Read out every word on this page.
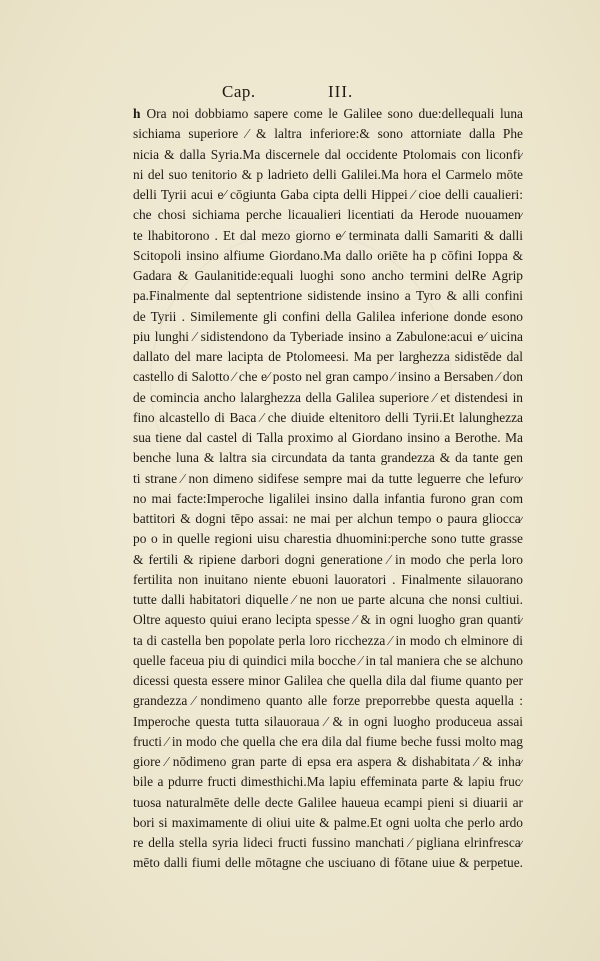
Cap.	III.
h Ora noi dobbiamo sapere come le Galilee sono due:dellequali luna
sichiama superiore ⁄ & laltra inferiore:& sono attorniate dalla Phe
nicia & dalla Syria.Ma discernele dal occidente Ptolomais con liconfi⁄
ni del suo tenitorio & p ladrieto delli Galilei.Ma hora el Carmelo mōte
delli Tyrii acui e⁄ cōgiunta Gaba cipta delli Hippei ⁄ cioe delli caualieri:
che chosi sichiama perche licaualieri licentiati da Herode nuouamen⁄
te lhabitorono . Et dal mezo giorno e⁄ terminata dalli Samariti & dalli
Scitopoli insino alfiume Giordano.Ma dallo oriēte ha p cōfini Ioppa &
Gadara & Gaulanitide:equali luoghi sono ancho termini delRe Agrip
pa.Finalmente dal septentrione sidistende insino a Tyro & alli confini
de Tyrii . Similemente gli confini della Galilea inferione donde esono
piu lunghi ⁄ sidistendono da Tyberiade insino a Zabulone:acui e⁄ uicina
dallato del mare lacipta de Ptolomeesi. Ma per larghezza sidistēde dal
castello di Salotto ⁄ che e⁄ posto nel gran campo ⁄ insino a Bersaben ⁄ don
de comincia ancho lalarghezza della Galilea superiore ⁄ et distendesi in
fino alcastello di Baca ⁄ che diuide eltenitoro delli Tyrii.Et lalunghezza
sua tiene dal castel di Talla proximo al Giordano insino a Berothe. Ma
benche luna & laltra sia circundata da tanta grandezza & da tante gen
ti strane ⁄ non dimeno sidifese sempre mai da tutte leguerre che lefuro⁄
no mai facte:Imperoche ligalilei insino dalla infantia furono gran com
battitori & dogni tēpo assai: ne mai per alchun tempo o paura gliocca⁄
po o in quelle regioni uisu charestia dhuomini:perche sono tutte grasse
& fertili & ripiene darbori dogni generatione ⁄ in modo che perla loro
fertilita non inuitano niente ebuoni lauoratori . Finalmente silauorano
tutte dalli habitatori diquelle ⁄ ne non ue parte alcuna che nonsi cultiui.
Oltre aquesto quiui erano lecipta spesse ⁄ & in ogni luogho gran quanti⁄
ta di castella ben popolate perla loro ricchezza ⁄ in modo ch elminore di
quelle faceua piu di quindici mila bocche ⁄ in tal maniera che se alchuno
dicessi questa essere minor Galilea che quella dila dal fiume quanto per
grandezza ⁄ nondimeno quanto alle forze preporrebbe questa aquella :
Imperoche questa tutta silauoraua ⁄ & in ogni luogho produceua assai
fructi ⁄ in modo che quella che era dila dal fiume beche fussi molto mag
giore ⁄ nōdimeno gran parte di epsa era aspera & dishabitata ⁄ & inha⁄
bile a pdurre fructi dimesthichi.Ma lapiu effeminata parte & lapiu fruc⁄
tuosa naturalmēte delle decte Galilee haueua ecampi pieni si diuarii ar
bori si maximamente di oliui uite & palme.Et ogni uolta che perlo ardo
re della stella syria lideci fructi fussino manchati ⁄ pigliana elrinfresca⁄
mēto dalli fiumi delle mōtagne che usciuano di fōtane uiue & perpetue.
